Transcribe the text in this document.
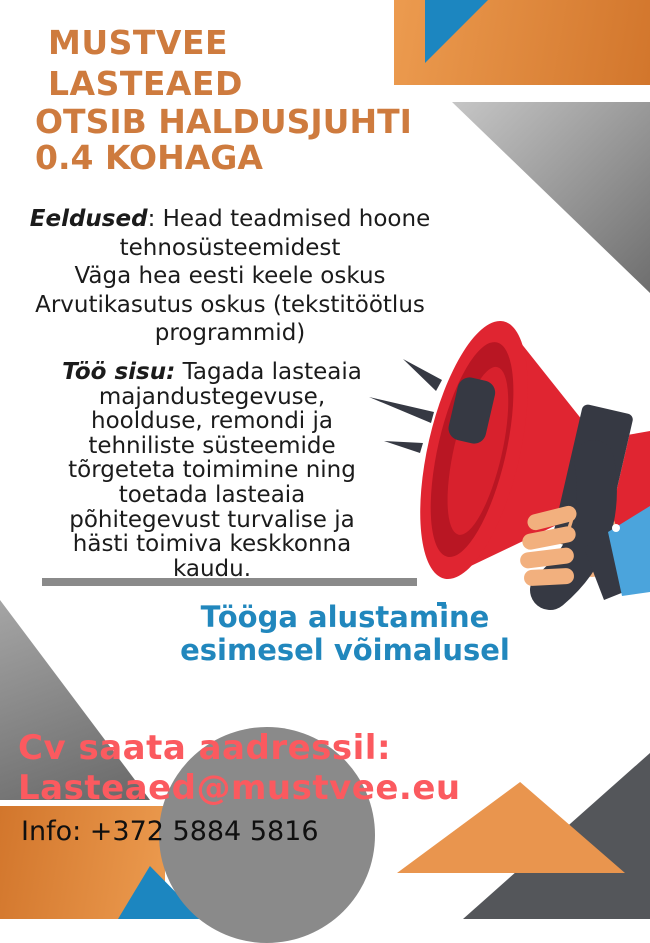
MUSTVEE
LASTEAED
OTSIB HALDUSJUHTI
0.4 KOHAGA
Eeldused: Head teadmised hoone
tehnosüsteemidest
Väga hea eesti keele oskus
Arvutikasutus oskus (tekstitöötlus
programmid)
Töö sisu: Tagada lasteaia
majandustegevuse,
hoolduse, remondi ja
tehniliste süsteemide
tõrgeteta toimimine ning
toetada lasteaia
põhitegevust turvalise ja
hästi toimiva keskkonna
kaudu.
Tööga alustamine
esimesel võimalusel
Cv saata aadressil:
Lasteaed@mustvee.eu
Info: +372 5884 5816
